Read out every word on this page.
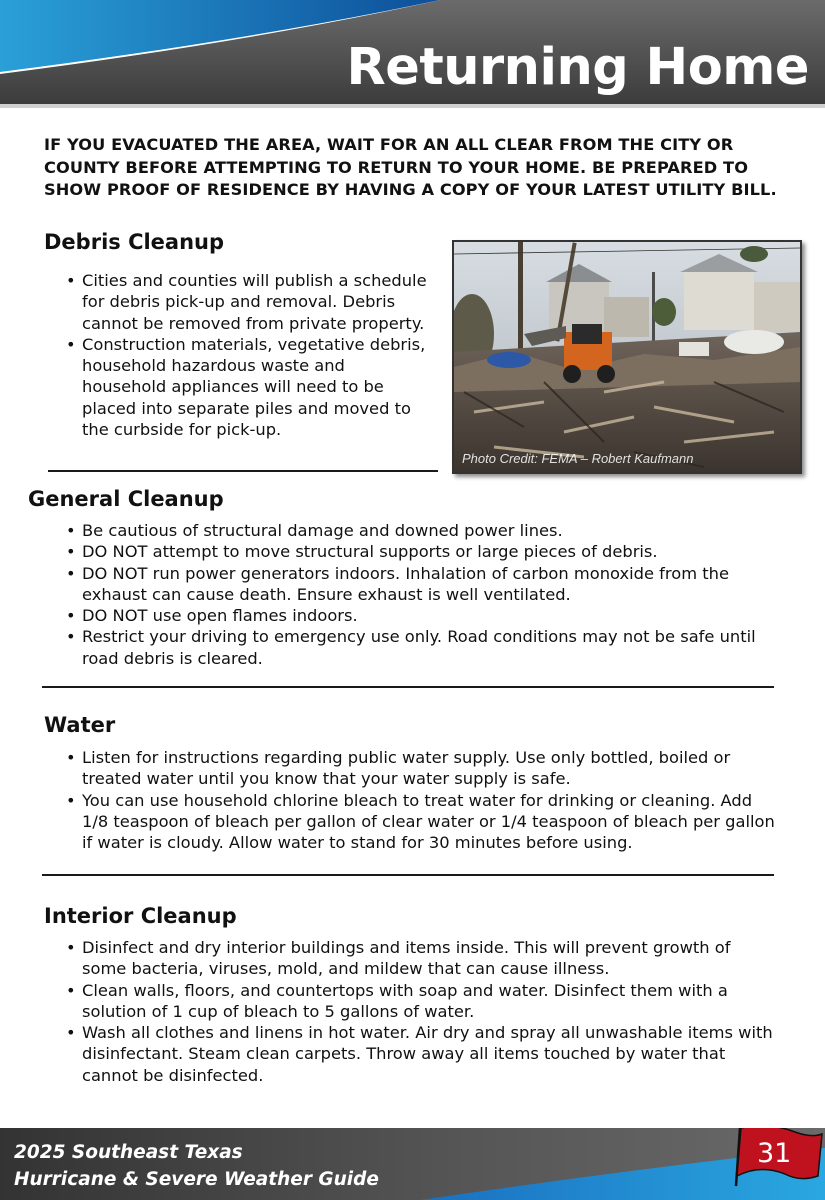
Returning Home
IF YOU EVACUATED THE AREA, WAIT FOR AN ALL CLEAR FROM THE CITY OR COUNTY BEFORE ATTEMPTING TO RETURN TO YOUR HOME. BE PREPARED TO SHOW PROOF OF RESIDENCE BY HAVING A COPY OF YOUR LATEST UTILITY BILL.
Debris Cleanup
• Cities and counties will publish a schedule for debris pick-up and removal. Debris cannot be removed from private property.
• Construction materials, vegetative debris, household hazardous waste and household appliances will need to be placed into separate piles and moved to the curbside for pick-up.
Photo Credit: FEMA – Robert Kaufmann
General Cleanup
• Be cautious of structural damage and downed power lines.
• DO NOT attempt to move structural supports or large pieces of debris.
• DO NOT run power generators indoors. Inhalation of carbon monoxide from the exhaust can cause death. Ensure exhaust is well ventilated.
• DO NOT use open flames indoors.
• Restrict your driving to emergency use only. Road conditions may not be safe until road debris is cleared.
Water
• Listen for instructions regarding public water supply. Use only bottled, boiled or treated water until you know that your water supply is safe.
• You can use household chlorine bleach to treat water for drinking or cleaning. Add 1/8 teaspoon of bleach per gallon of clear water or 1/4 teaspoon of bleach per gallon if water is cloudy. Allow water to stand for 30 minutes before using.
Interior Cleanup
• Disinfect and dry interior buildings and items inside. This will prevent growth of some bacteria, viruses, mold, and mildew that can cause illness.
• Clean walls, floors, and countertops with soap and water. Disinfect them with a solution of 1 cup of bleach to 5 gallons of water.
• Wash all clothes and linens in hot water. Air dry and spray all unwashable items with disinfectant. Steam clean carpets. Throw away all items touched by water that cannot be disinfected.
2025 Southeast Texas
Hurricane & Severe Weather Guide
31
